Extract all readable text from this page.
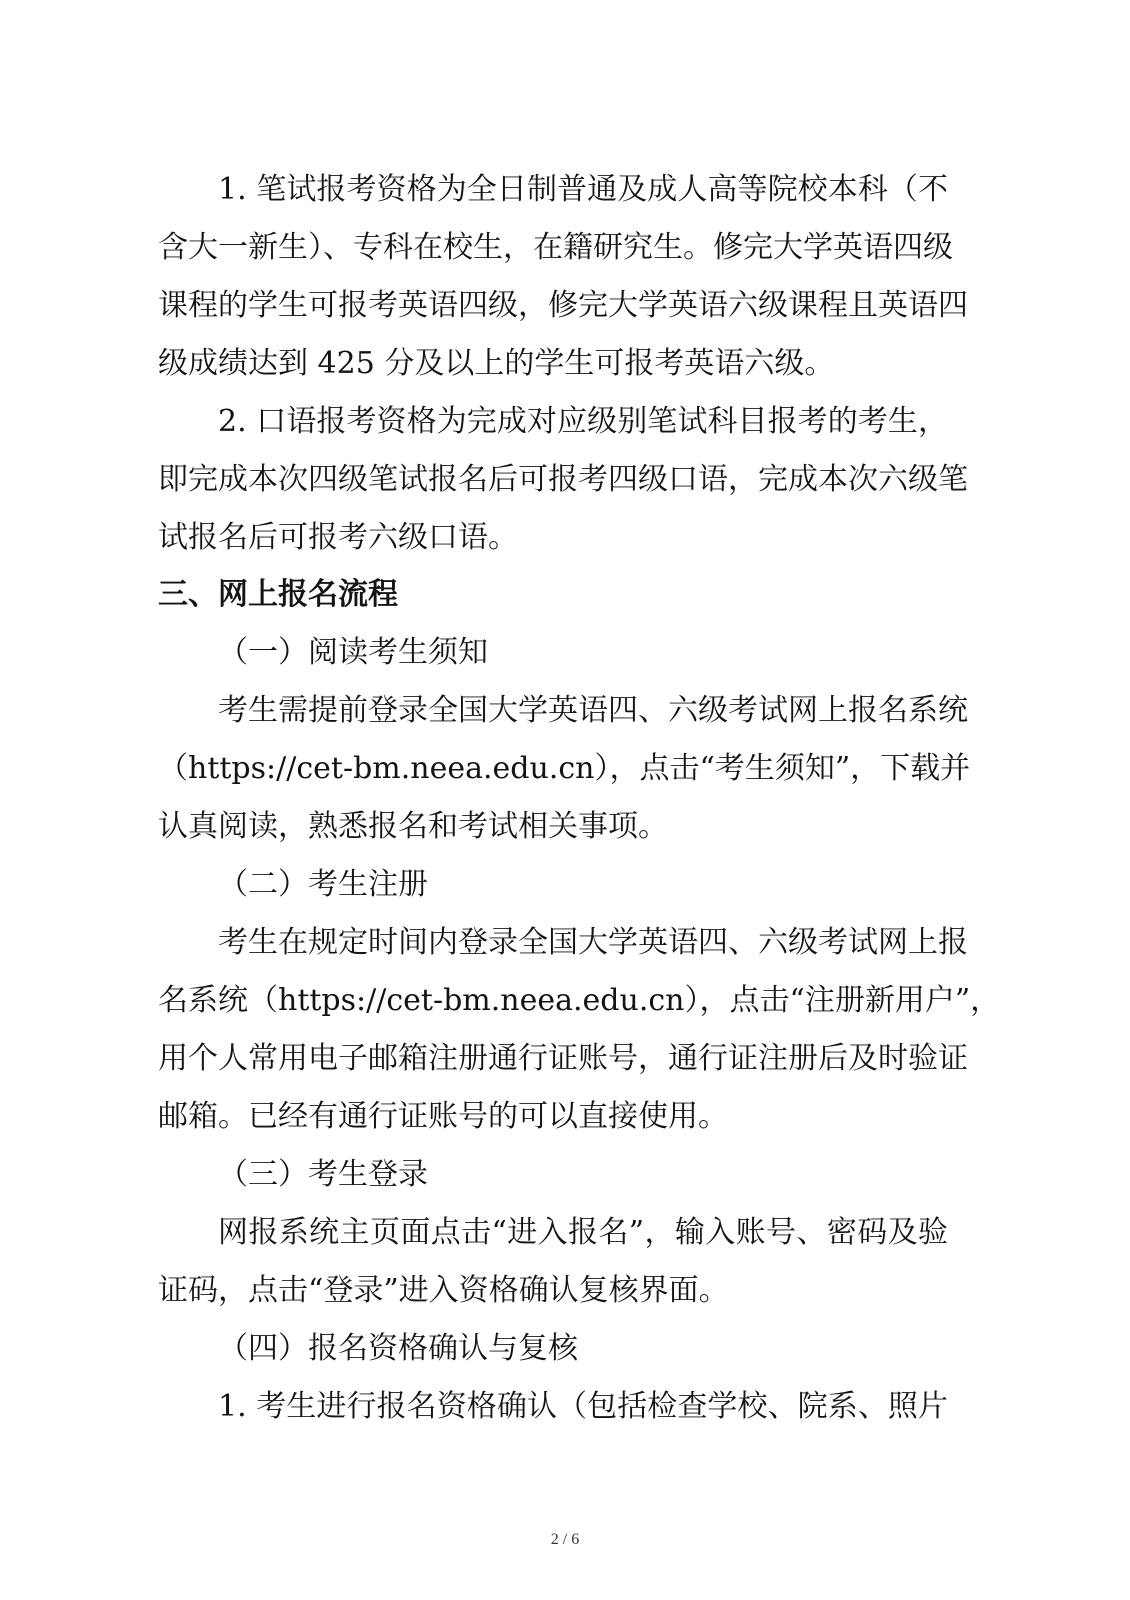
1. 笔试报考资格为全日制普通及成人高等院校本科（不
含大一新生）、专科在校生，在籍研究生。修完大学英语四级
课程的学生可报考英语四级，修完大学英语六级课程且英语四
级成绩达到 425 分及以上的学生可报考英语六级。
2. 口语报考资格为完成对应级别笔试科目报考的考生，
即完成本次四级笔试报名后可报考四级口语，完成本次六级笔
试报名后可报考六级口语。
三、网上报名流程
（一）阅读考生须知
考生需提前登录全国大学英语四、六级考试网上报名系统
（https://cet-bm.neea.edu.cn），点击“考生须知”，下载并
认真阅读，熟悉报名和考试相关事项。
（二）考生注册
考生在规定时间内登录全国大学英语四、六级考试网上报
名系统（https://cet-bm.neea.edu.cn），点击“注册新用户”，
用个人常用电子邮箱注册通行证账号，通行证注册后及时验证
邮箱。已经有通行证账号的可以直接使用。
（三）考生登录
网报系统主页面点击“进入报名”，输入账号、密码及验
证码，点击“登录”进入资格确认复核界面。
（四）报名资格确认与复核
1. 考生进行报名资格确认（包括检查学校、院系、照片
2 / 6
